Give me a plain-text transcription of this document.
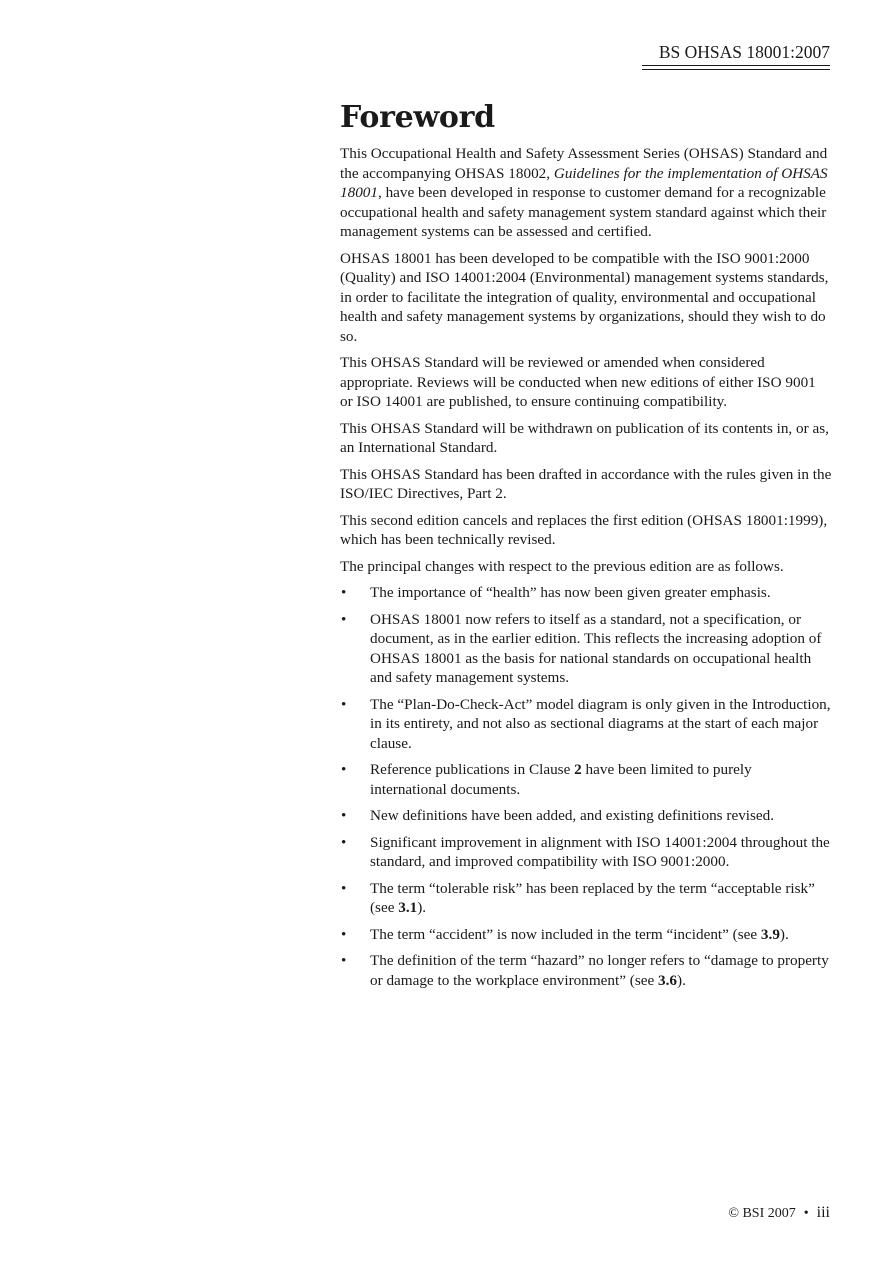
BS OHSAS 18001:2007
Foreword

This Occupational Health and Safety Assessment Series (OHSAS) Standard and the accompanying OHSAS 18002, Guidelines for the implementation of OHSAS 18001, have been developed in response to customer demand for a recognizable occupational health and safety management system standard against which their management systems can be assessed and certified.

OHSAS 18001 has been developed to be compatible with the ISO 9001:2000 (Quality) and ISO 14001:2004 (Environmental) management systems standards, in order to facilitate the integration of quality, environmental and occupational health and safety management systems by organizations, should they wish to do so.

This OHSAS Standard will be reviewed or amended when considered appropriate. Reviews will be conducted when new editions of either ISO 9001 or ISO 14001 are published, to ensure continuing compatibility.

This OHSAS Standard will be withdrawn on publication of its contents in, or as, an International Standard.

This OHSAS Standard has been drafted in accordance with the rules given in the ISO/IEC Directives, Part 2.

This second edition cancels and replaces the first edition (OHSAS 18001:1999), which has been technically revised.

The principal changes with respect to the previous edition are as follows.

• The importance of “health” has now been given greater emphasis.
• OHSAS 18001 now refers to itself as a standard, not a specification, or document, as in the earlier edition. This reflects the increasing adoption of OHSAS 18001 as the basis for national standards on occupational health and safety management systems.
• The “Plan-Do-Check-Act” model diagram is only given in the Introduction, in its entirety, and not also as sectional diagrams at the start of each major clause.
• Reference publications in Clause 2 have been limited to purely international documents.
• New definitions have been added, and existing definitions revised.
• Significant improvement in alignment with ISO 14001:2004 throughout the standard, and improved compatibility with ISO 9001:2000.
• The term “tolerable risk” has been replaced by the term “acceptable risk” (see 3.1).
• The term “accident” is now included in the term “incident” (see 3.9).
• The definition of the term “hazard” no longer refers to “damage to property or damage to the workplace environment” (see 3.6).
© BSI 2007 • iii
